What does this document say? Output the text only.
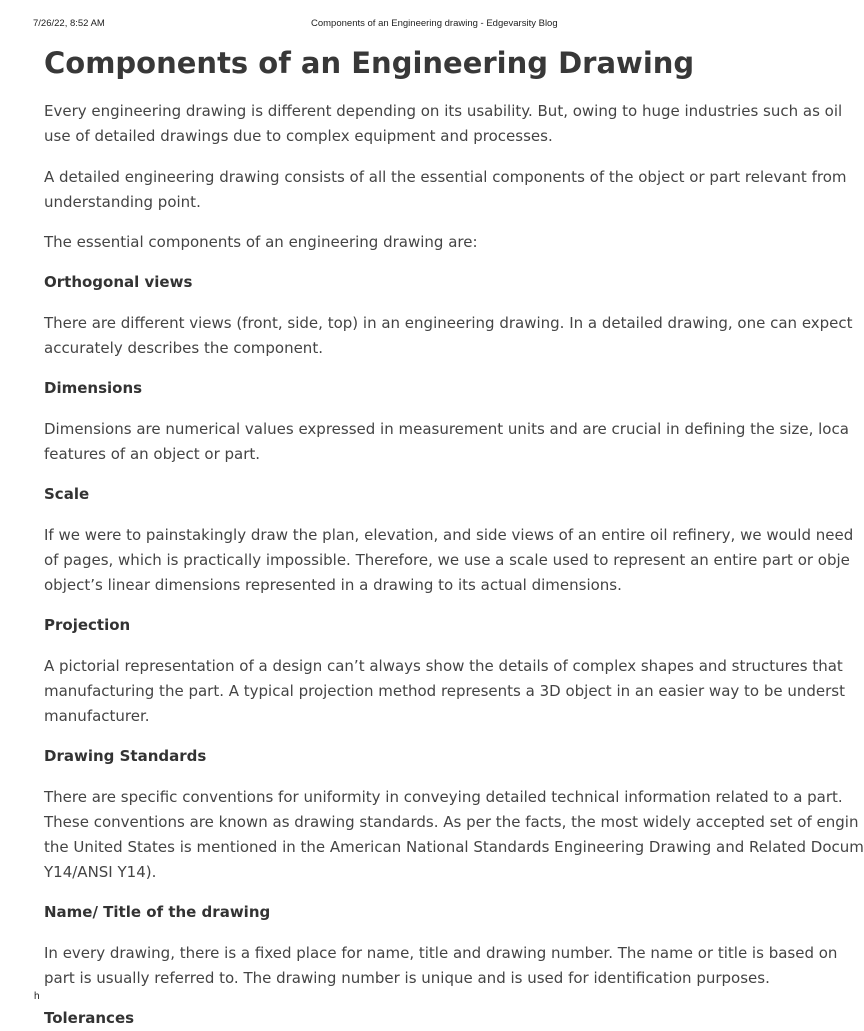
7/26/22, 8:52 AM	Components of an Engineering drawing - Edgevarsity Blog
Components of an Engineering Drawing

Every engineering drawing is different depending on its usability. But, owing to huge industries such as oil
use of detailed drawings due to complex equipment and processes.

A detailed engineering drawing consists of all the essential components of the object or part relevant from
understanding point.

The essential components of an engineering drawing are:

Orthogonal views

There are different views (front, side, top) in an engineering drawing. In a detailed drawing, one can expect
accurately describes the component.

Dimensions

Dimensions are numerical values expressed in measurement units and are crucial in defining the size, loca
features of an object or part.

Scale

If we were to painstakingly draw the plan, elevation, and side views of an entire oil refinery, we would need
of pages, which is practically impossible. Therefore, we use a scale used to represent an entire part or obje
object’s linear dimensions represented in a drawing to its actual dimensions.

Projection

A pictorial representation of a design can’t always show the details of complex shapes and structures that
manufacturing the part. A typical projection method represents a 3D object in an easier way to be underst
manufacturer.

Drawing Standards

There are specific conventions for uniformity in conveying detailed technical information related to a part.
These conventions are known as drawing standards. As per the facts, the most widely accepted set of engin
the United States is mentioned in the American National Standards Engineering Drawing and Related Docum
Y14/ANSI Y14).

Name/ Title of the drawing

In every drawing, there is a fixed place for name, title and drawing number. The name or title is based on
part is usually referred to. The drawing number is unique and is used for identification purposes.

Tolerances
h
